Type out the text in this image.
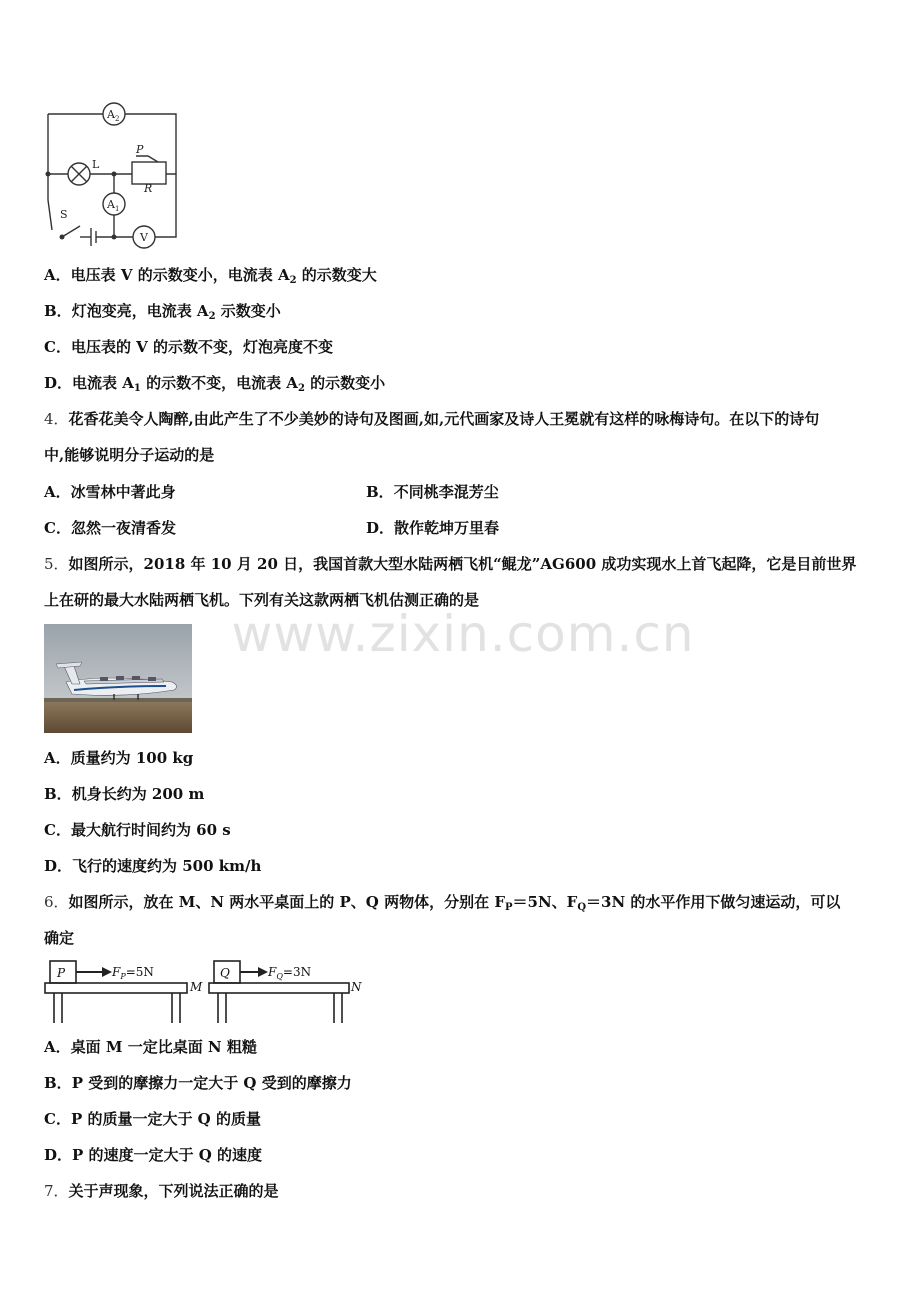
$A_2$
L
P
R
$A_1$
S
V
A．电压表 V 的示数变小，电流表 $A_2$ 的示数变大
B．灯泡变亮，电流表 $A_2$ 示数变小
C．电压表的 V 的示数不变，灯泡亮度不变
D．电流表 $A_1$ 的示数不变，电流表 $A_2$ 的示数变小
4．花香花美令人陶醉,由此产生了不少美妙的诗句及图画,如,元代画家及诗人王冕就有这样的咏梅诗句。在以下的诗句
中,能够说明分子运动的是
A．冰雪林中著此身	B．不同桃李混芳尘
C．忽然一夜清香发	D．散作乾坤万里春
5．如图所示，2018 年 10 月 20 日，我国首款大型水陆两栖飞机“鲲龙”AG600 成功实现水上首飞起降，它是目前世界
上在研的最大水陆两栖飞机。下列有关这款两栖飞机估测正确的是
www.zixin.com.cn
A．质量约为 100 kg
B．机身长约为 200 m
C．最大航行时间约为 60 s
D．飞行的速度约为 500 km/h
6．如图所示，放在 M、N 两水平桌面上的 P、Q 两物体，分别在 $F_P=5N$、$F_Q=3N$ 的水平作用下做匀速运动，可以
确定
P	$F_P=5N$
M
Q	$F_Q=3N$
N
A．桌面 M 一定比桌面 N 粗糙
B．P 受到的摩擦力一定大于 Q 受到的摩擦力
C．P 的质量一定大于 Q 的质量
D．P 的速度一定大于 Q 的速度
7．关于声现象，下列说法正确的是
